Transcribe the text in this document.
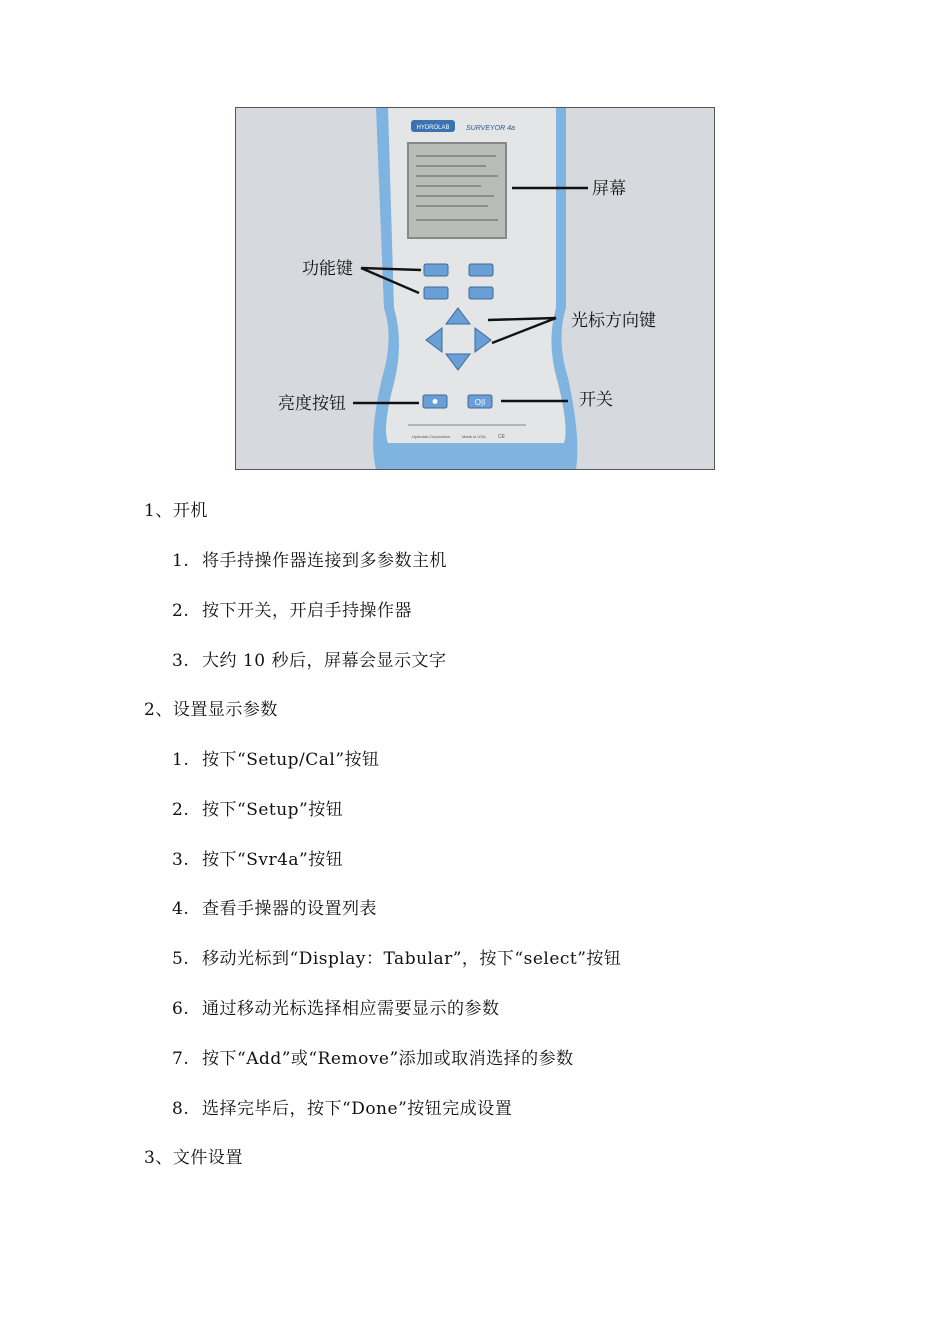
HYDROLAB SURVEYOR 4a
O|I
Hydrolab Corporation	Made in USA CE
屏幕
功能键
光标方向键
亮度按钮	开关
1、开机
1. 将手持操作器连接到多参数主机
2. 按下开关，开启手持操作器
3. 大约 10 秒后，屏幕会显示文字
2、设置显示参数
1. 按下“Setup/Cal”按钮
2. 按下“Setup”按钮
3. 按下“Svr4a”按钮
4. 查看手操器的设置列表
5. 移动光标到“Display：Tabular”，按下“select”按钮
6. 通过移动光标选择相应需要显示的参数
7. 按下“Add”或“Remove”添加或取消选择的参数
8. 选择完毕后，按下“Done”按钮完成设置
3、文件设置
